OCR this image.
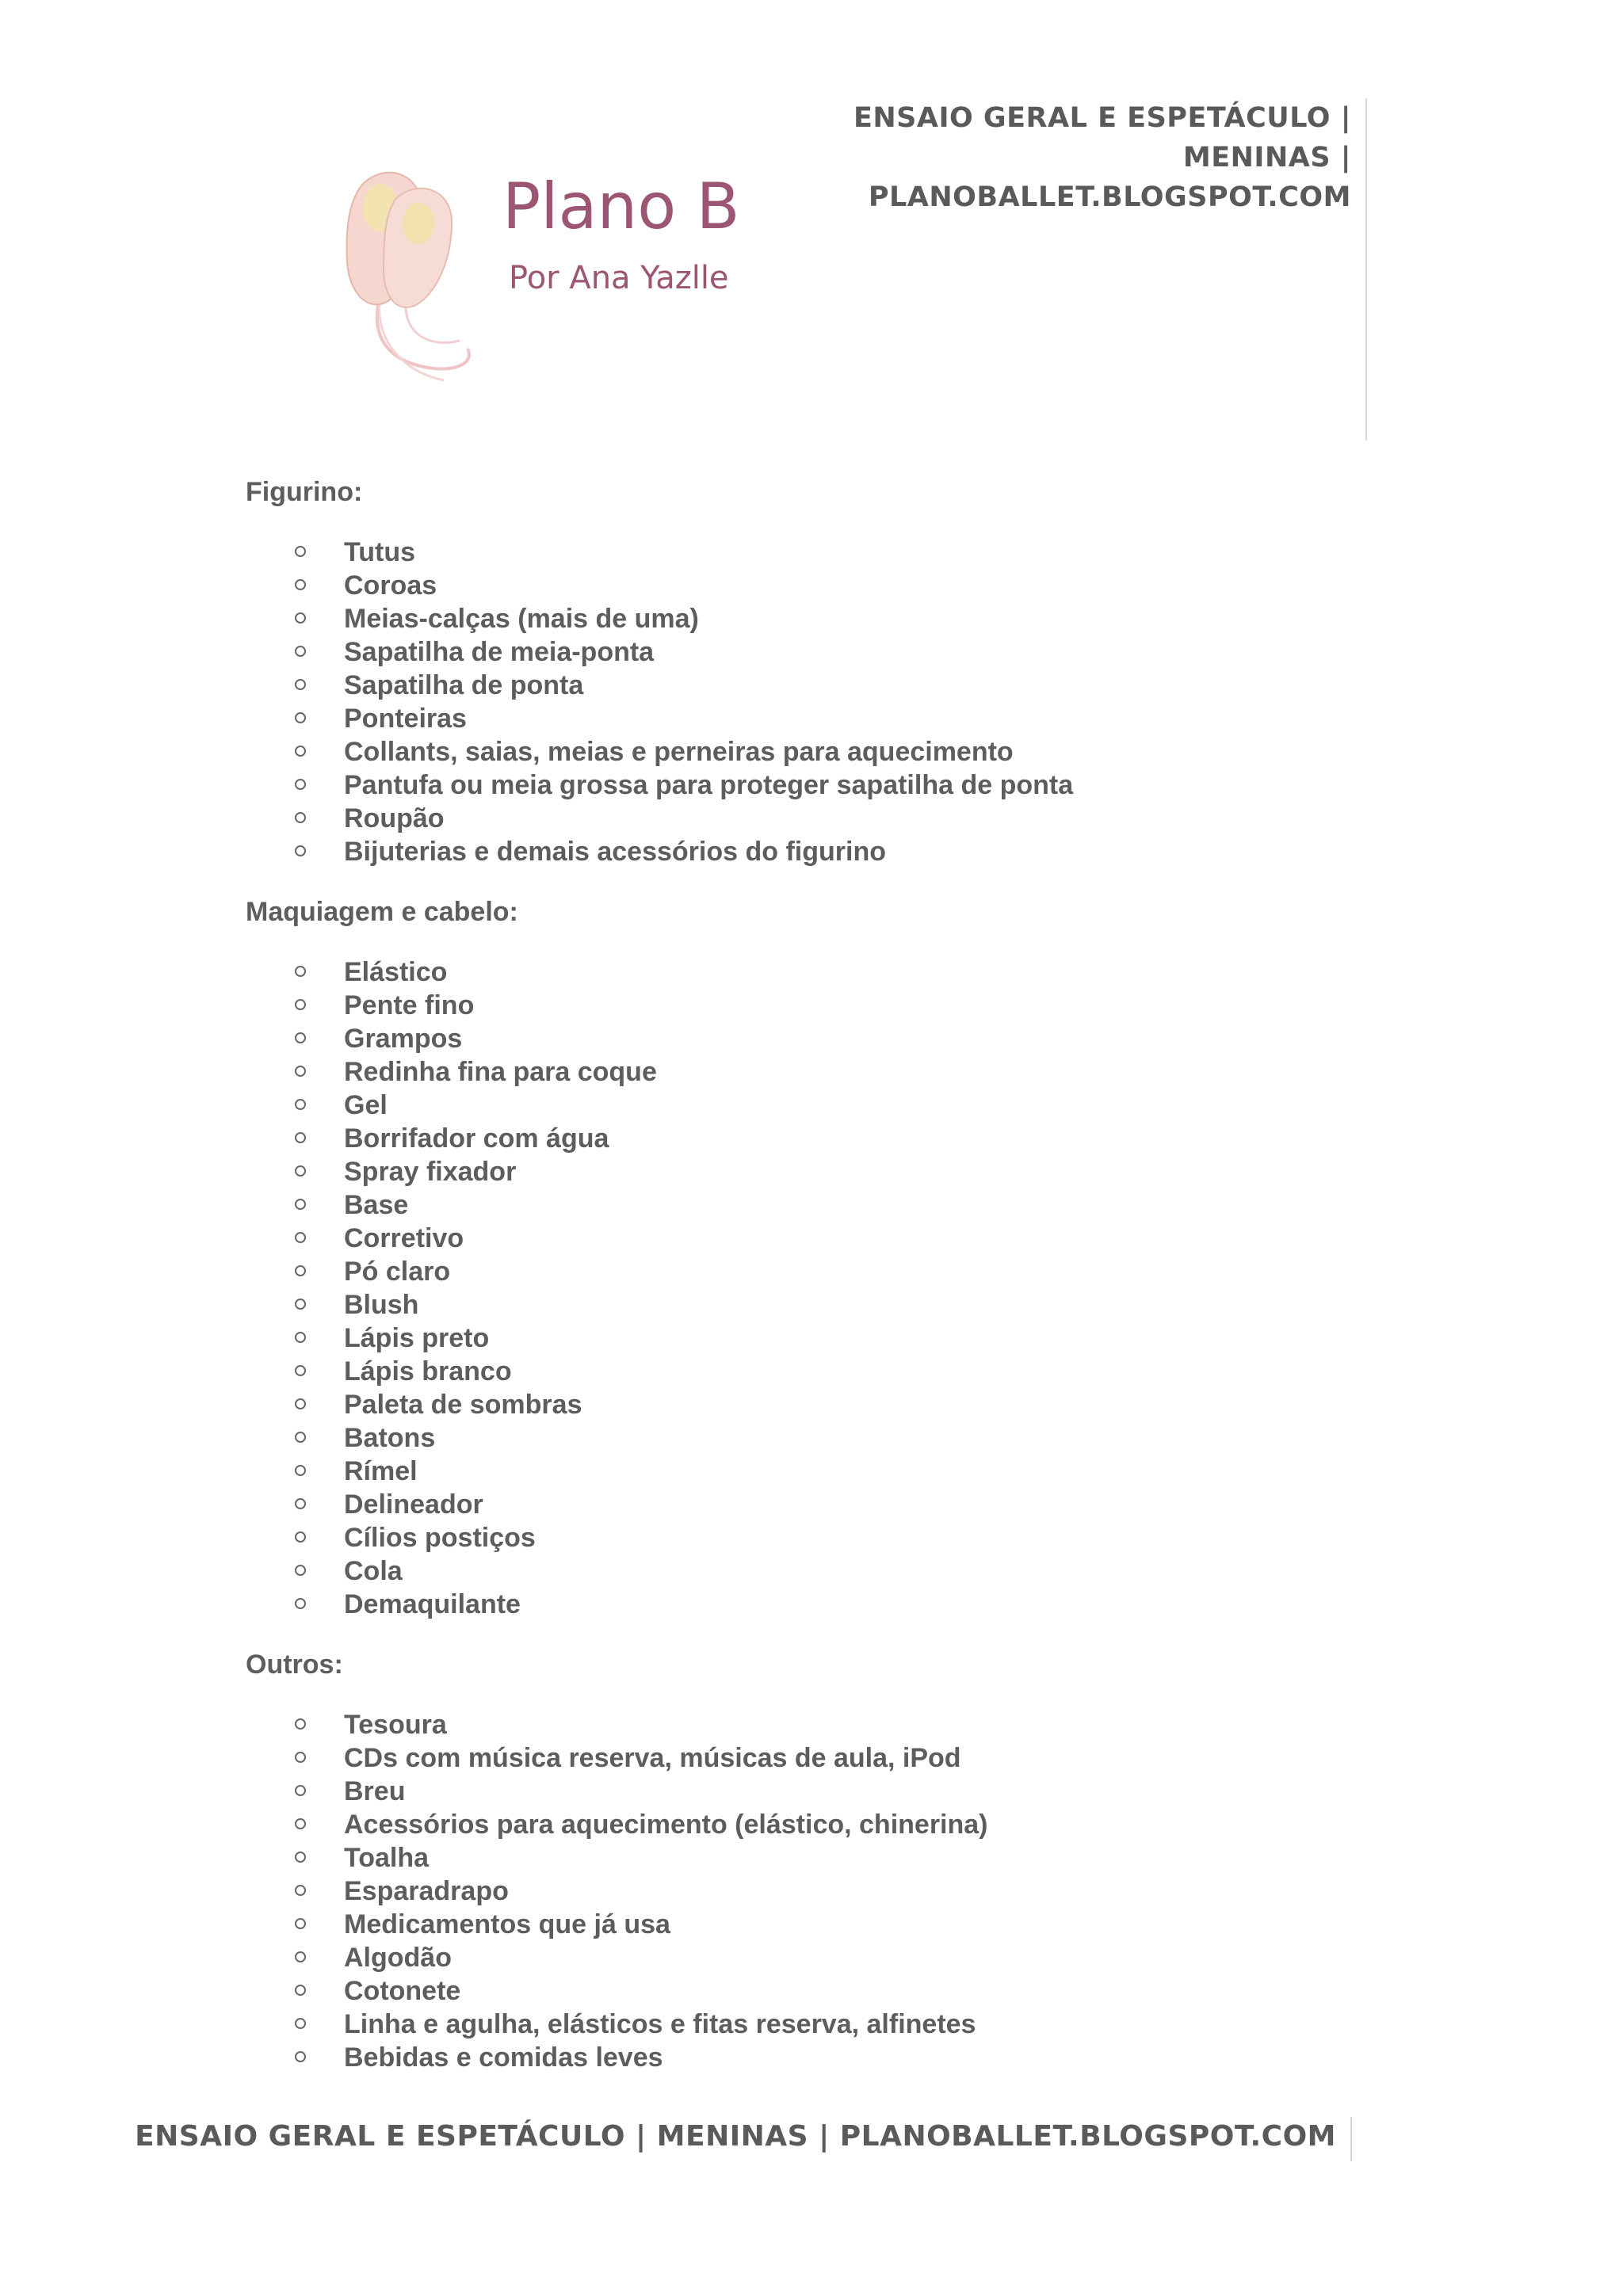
Plano B
Por Ana Yazlle
ENSAIO GERAL E ESPETÁCULO |
MENINAS |
PLANOBALLET.BLOGSPOT.COM

Figurino:

Tutus
Coroas
Meias-calças (mais de uma)
Sapatilha de meia-ponta
Sapatilha de ponta
Ponteiras
Collants, saias, meias e perneiras para aquecimento
Pantufa ou meia grossa para proteger sapatilha de ponta
Roupão
Bijuterias e demais acessórios do figurino

Maquiagem e cabelo:

Elástico
Pente fino
Grampos
Redinha fina para coque
Gel
Borrifador com água
Spray fixador
Base
Corretivo
Pó claro
Blush
Lápis preto
Lápis branco
Paleta de sombras
Batons
Rímel
Delineador
Cílios postiços
Cola
Demaquilante

Outros:

Tesoura
CDs com música reserva, músicas de aula, iPod
Breu
Acessórios para aquecimento (elástico, chinerina)
Toalha
Esparadrapo
Medicamentos que já usa
Algodão
Cotonete
Linha e agulha, elásticos e fitas reserva, alfinetes
Bebidas e comidas leves
ENSAIO GERAL E ESPETÁCULO | MENINAS | PLANOBALLET.BLOGSPOT.COM
